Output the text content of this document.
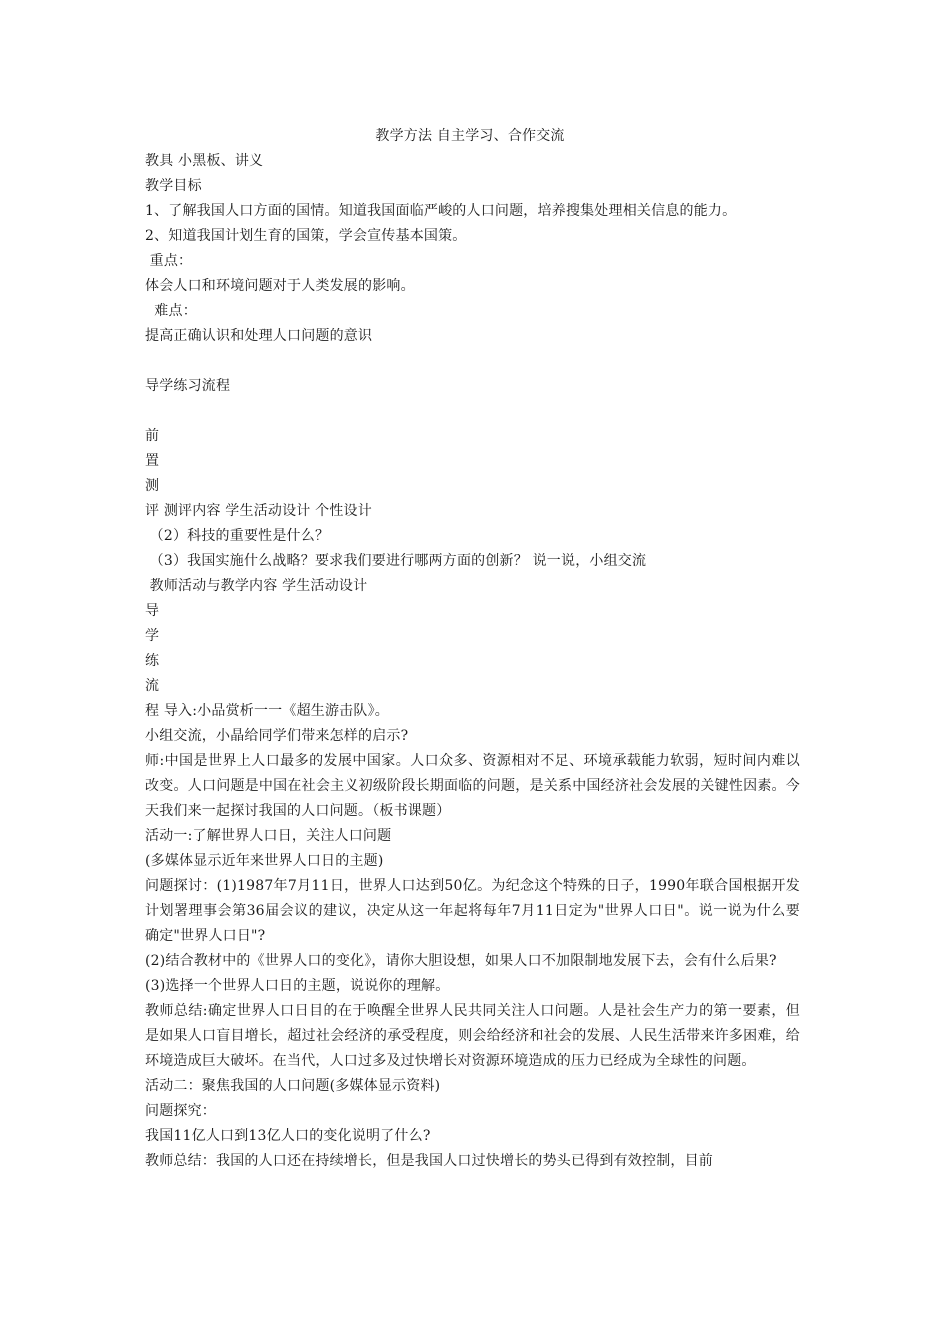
教学方法 自主学习、合作交流
教具 小黑板、讲义
教学目标
1、了解我国人口方面的国情。知道我国面临严峻的人口问题，培养搜集处理相关信息的能力。
2、知道我国计划生育的国策，学会宣传基本国策。
重点：
体会人口和环境问题对于人类发展的影响。
难点：
提高正确认识和处理人口问题的意识
导学练习流程
前
置
测
评 测评内容 学生活动设计 个性设计
（2）科技的重要性是什么？
（3）我国实施什么战略？要求我们要进行哪两方面的创新？ 说一说，小组交流
教师活动与教学内容 学生活动设计
导
学
练
流
程 导入:小品赏析一一《超生游击队》。
小组交流，小晶给同学们带来怎样的启示?
师:中国是世界上人口最多的发展中国家。人口众多、资源相对不足、环境承载能力软弱，短时间内难以改变。人口问题是中国在社会主义初级阶段长期面临的问题，是关系中国经济社会发展的关键性因素。今天我们来一起探讨我国的人口问题。（板书课题）
活动一:了解世界人口日，关注人口问题
(多媒体显示近年来世界人口日的主题)
问题探讨：(1)1987年7月11日，世界人口达到50亿。为纪念这个特殊的日子，1990年联合国根据开发计划署理事会第36届会议的建议，决定从这一年起将每年7月11日定为"世界人口日"。说一说为什么要确定"世界人口日"?
(2)结合教材中的《世界人口的变化》，请你大胆设想，如果人口不加限制地发展下去，会有什么后果?
(3)选择一个世界人口日的主题，说说你的理解。
教师总结:确定世界人口日目的在于唤醒全世界人民共同关注人口问题。人是社会生产力的第一要素，但是如果人口盲目增长，超过社会经济的承受程度，则会给经济和社会的发展、人民生活带来许多困难，给环境造成巨大破坏。在当代，人口过多及过快增长对资源环境造成的压力已经成为全球性的问题。
活动二：聚焦我国的人口问题(多媒体显示资料)
问题探究：
我国11亿人口到13亿人口的变化说明了什么?
教师总结：我国的人口还在持续增长，但是我国人口过快增长的势头已得到有效控制，目前
